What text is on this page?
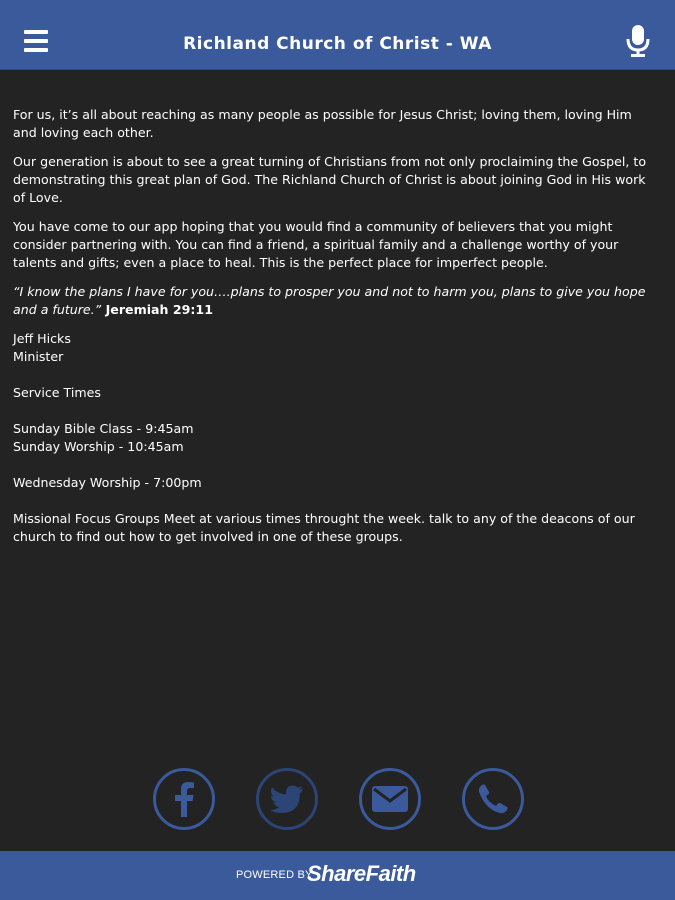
Richland Church of Christ - WA

For us, it’s all about reaching as many people as possible for Jesus Christ; loving them, loving Him and loving each other.

Our generation is about to see a great turning of Christians from not only proclaiming the Gospel, to demonstrating this great plan of God. The Richland Church of Christ is about joining God in His work of Love.

You have come to our app hoping that you would find a community of believers that you might consider partnering with. You can find a friend, a spiritual family and a challenge worthy of your talents and gifts; even a place to heal. This is the perfect place for imperfect people.

“I know the plans I have for you….plans to prosper you and not to harm you, plans to give you hope and a future.” Jeremiah 29:11

Jeff Hicks
Minister
Service Times
Sunday Bible Class - 9:45am
Sunday Worship - 10:45am
Wednesday Worship - 7:00pm
Missional Focus Groups Meet at various times throught the week. talk to any of the deacons of our church to find out how to get involved in one of these groups.
POWERED BY
ShareFaith
